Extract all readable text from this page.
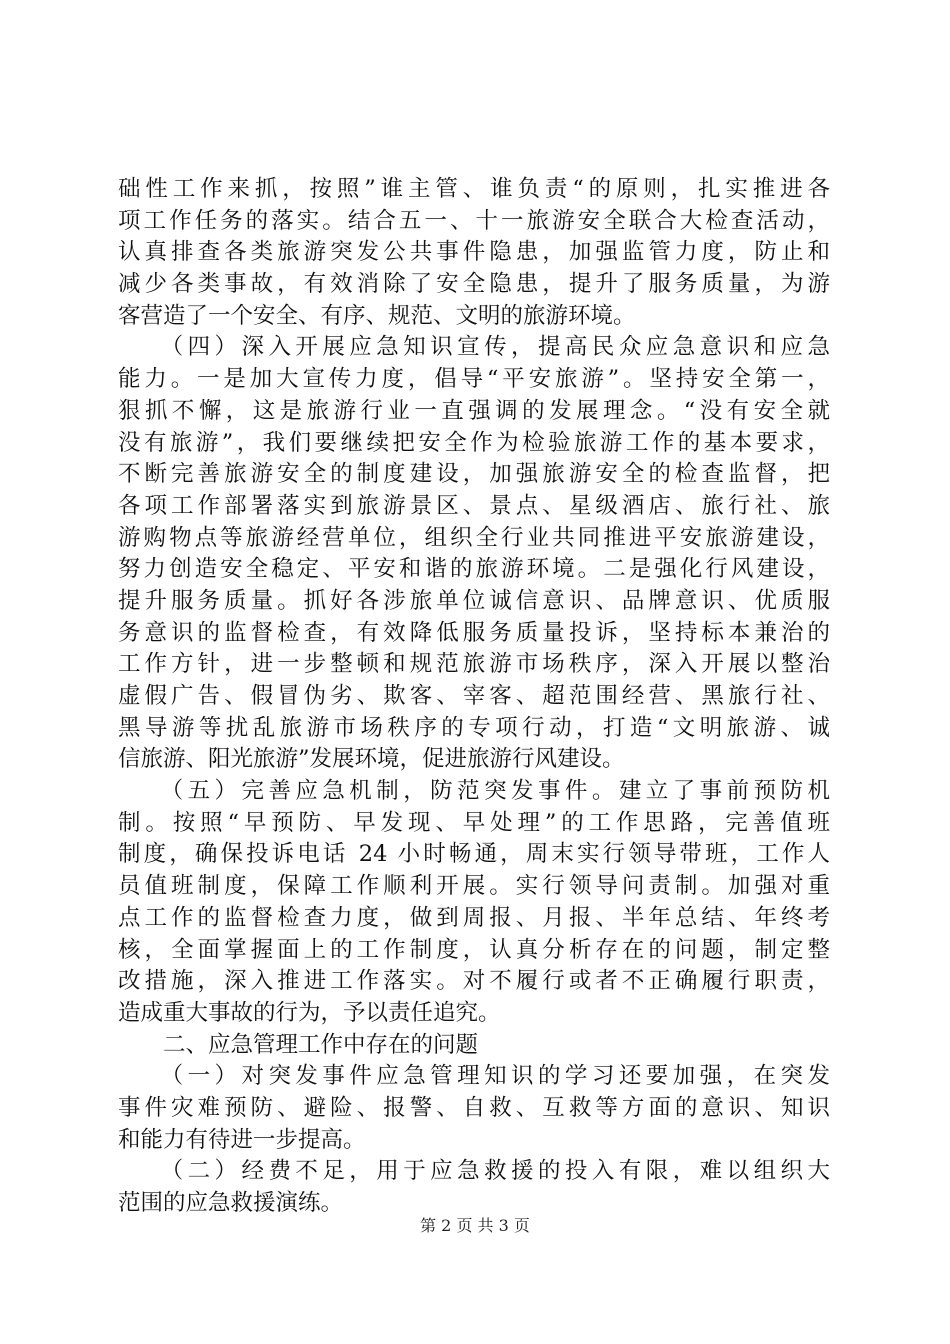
础性工作来抓，按照”谁主管、谁负责“的原则，扎实推进各
项工作任务的落实。结合五一、十一旅游安全联合大检查活动，
认真排查各类旅游突发公共事件隐患，加强监管力度，防止和
减少各类事故，有效消除了安全隐患，提升了服务质量，为游
客营造了一个安全、有序、规范、文明的旅游环境。
　　（四）深入开展应急知识宣传，提高民众应急意识和应急
能力。一是加大宣传力度，倡导“平安旅游”。坚持安全第一，
狠抓不懈，这是旅游行业一直强调的发展理念。“没有安全就
没有旅游”，我们要继续把安全作为检验旅游工作的基本要求，
不断完善旅游安全的制度建设，加强旅游安全的检查监督，把
各项工作部署落实到旅游景区、景点、星级酒店、旅行社、旅
游购物点等旅游经营单位，组织全行业共同推进平安旅游建设，
努力创造安全稳定、平安和谐的旅游环境。二是强化行风建设，
提升服务质量。抓好各涉旅单位诚信意识、品牌意识、优质服
务意识的监督检查，有效降低服务质量投诉，坚持标本兼治的
工作方针，进一步整顿和规范旅游市场秩序，深入开展以整治
虚假广告、假冒伪劣、欺客、宰客、超范围经营、黑旅行社、
黑导游等扰乱旅游市场秩序的专项行动，打造“文明旅游、诚
信旅游、阳光旅游”发展环境，促进旅游行风建设。
　　（五）完善应急机制，防范突发事件。建立了事前预防机
制。按照“早预防、早发现、早处理”的工作思路，完善值班
制度，确保投诉电话 24 小时畅通，周末实行领导带班，工作人
员值班制度，保障工作顺利开展。实行领导问责制。加强对重
点工作的监督检查力度，做到周报、月报、半年总结、年终考
核，全面掌握面上的工作制度，认真分析存在的问题，制定整
改措施，深入推进工作落实。对不履行或者不正确履行职责，
造成重大事故的行为，予以责任追究。
　　二、应急管理工作中存在的问题
　　（一）对突发事件应急管理知识的学习还要加强，在突发
事件灾难预防、避险、报警、自救、互救等方面的意识、知识
和能力有待进一步提高。
　　（二）经费不足，用于应急救援的投入有限，难以组织大
范围的应急救援演练。
第 2 页 共 3 页
